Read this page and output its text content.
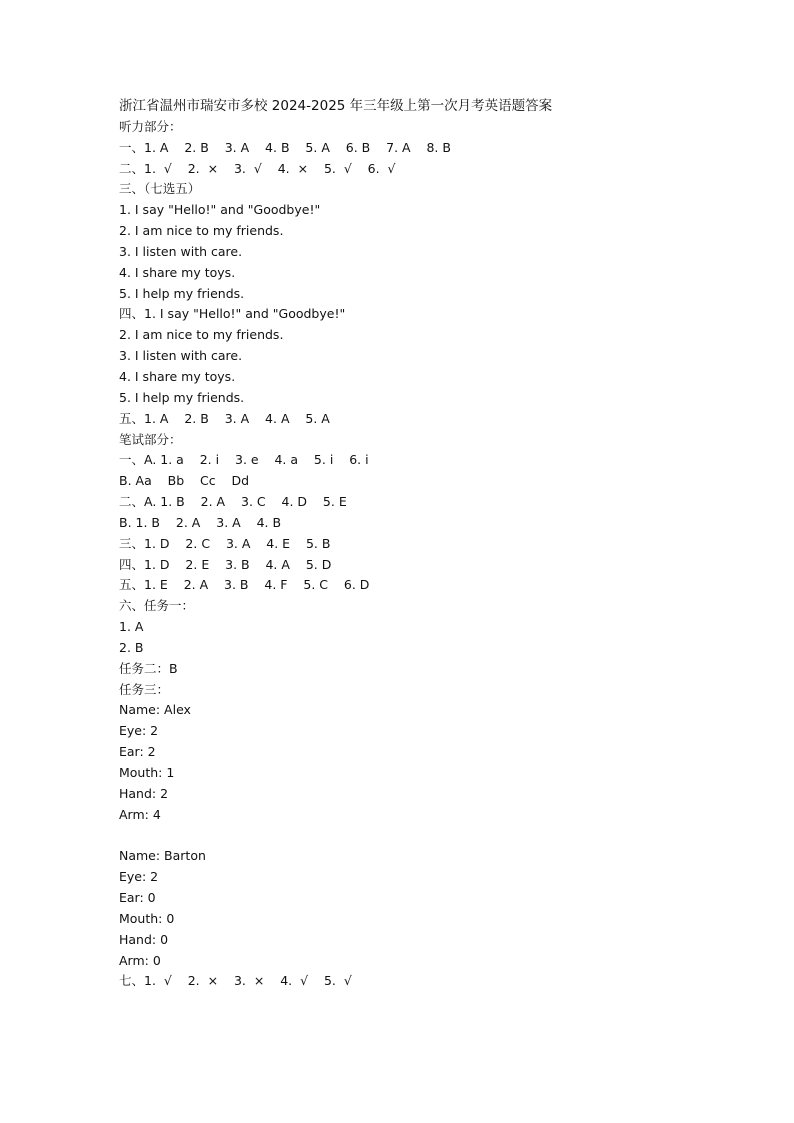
浙江省温州市瑞安市多校 2024-2025 年三年级上第一次月考英语题答案
听力部分：
一、1. A    2. B    3. A    4. B    5. A    6. B    7. A    8. B
二、1.  √    2.  ×    3.  √    4.  ×    5.  √    6.  √
三、（七选五）
1. I say "Hello!" and "Goodbye!"
2. I am nice to my friends.
3. I listen with care.
4. I share my toys.
5. I help my friends.
四、1. I say "Hello!" and "Goodbye!"
2. I am nice to my friends.
3. I listen with care.
4. I share my toys.
5. I help my friends.
五、1. A    2. B    3. A    4. A    5. A
笔试部分：
一、A. 1. a    2. i    3. e    4. a    5. i    6. i
B. Aa    Bb    Cc    Dd
二、A. 1. B    2. A    3. C    4. D    5. E
B. 1. B    2. A    3. A    4. B
三、1. D    2. C    3. A    4. E    5. B
四、1. D    2. E    3. B    4. A    5. D
五、1. E    2. A    3. B    4. F    5. C    6. D
六、任务一：
1. A
2. B
任务二：B
任务三：
Name: Alex
Eye: 2
Ear: 2
Mouth: 1
Hand: 2
Arm: 4
Name: Barton
Eye: 2
Ear: 0
Mouth: 0
Hand: 0
Arm: 0
七、1.  √    2.  ×    3.  ×    4.  √    5.  √
